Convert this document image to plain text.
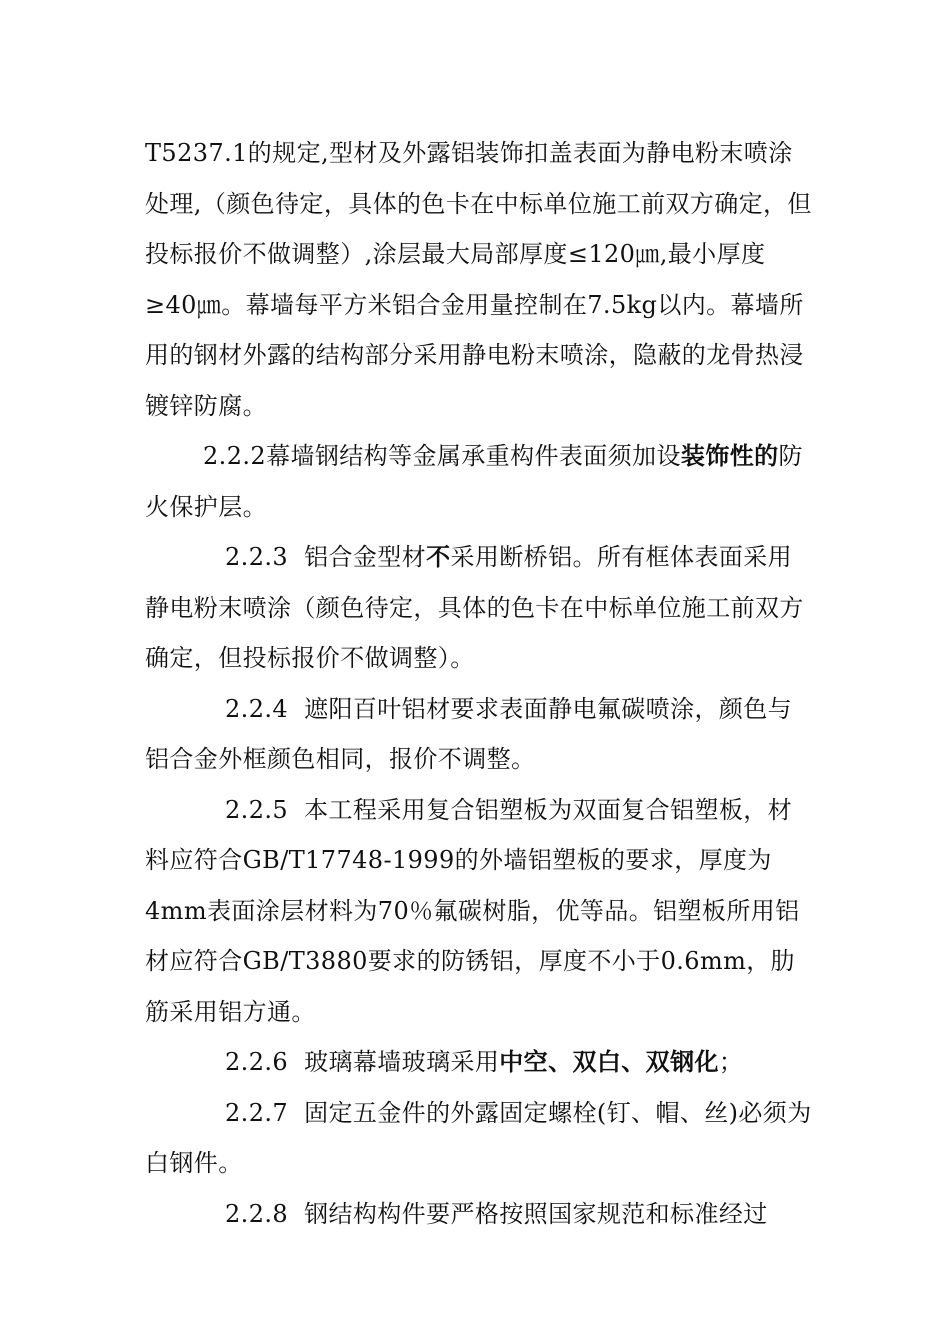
T5237.1的规定,型材及外露铝装饰扣盖表面为静电粉末喷涂处理,（颜色待定，具体的色卡在中标单位施工前双方确定，但投标报价不做调整）,涂层最大局部厚度≤120㎛,最小厚度≥40㎛。幕墙每平方米铝合金用量控制在7.5kg以内。幕墙所用的钢材外露的结构部分采用静电粉末喷涂，隐蔽的龙骨热浸镀锌防腐。

2.2.2幕墙钢结构等金属承重构件表面须加设装饰性的防火保护层。

2.2.3 铝合金型材不采用断桥铝。所有框体表面采用静电粉末喷涂（颜色待定，具体的色卡在中标单位施工前双方确定，但投标报价不做调整）。

2.2.4 遮阳百叶铝材要求表面静电氟碳喷涂，颜色与铝合金外框颜色相同，报价不调整。

2.2.5 本工程采用复合铝塑板为双面复合铝塑板，材料应符合GB/T17748-1999的外墙铝塑板的要求，厚度为4mm表面涂层材料为70％氟碳树脂，优等品。铝塑板所用铝材应符合GB/T3880要求的防锈铝，厚度不小于0.6mm，肋筋采用铝方通。

2.2.6 玻璃幕墙玻璃采用中空、双白、双钢化；

2.2.7 固定五金件的外露固定螺栓(钉、帽、丝)必须为白钢件。

2.2.8 钢结构构件要严格按照国家规范和标准经过
